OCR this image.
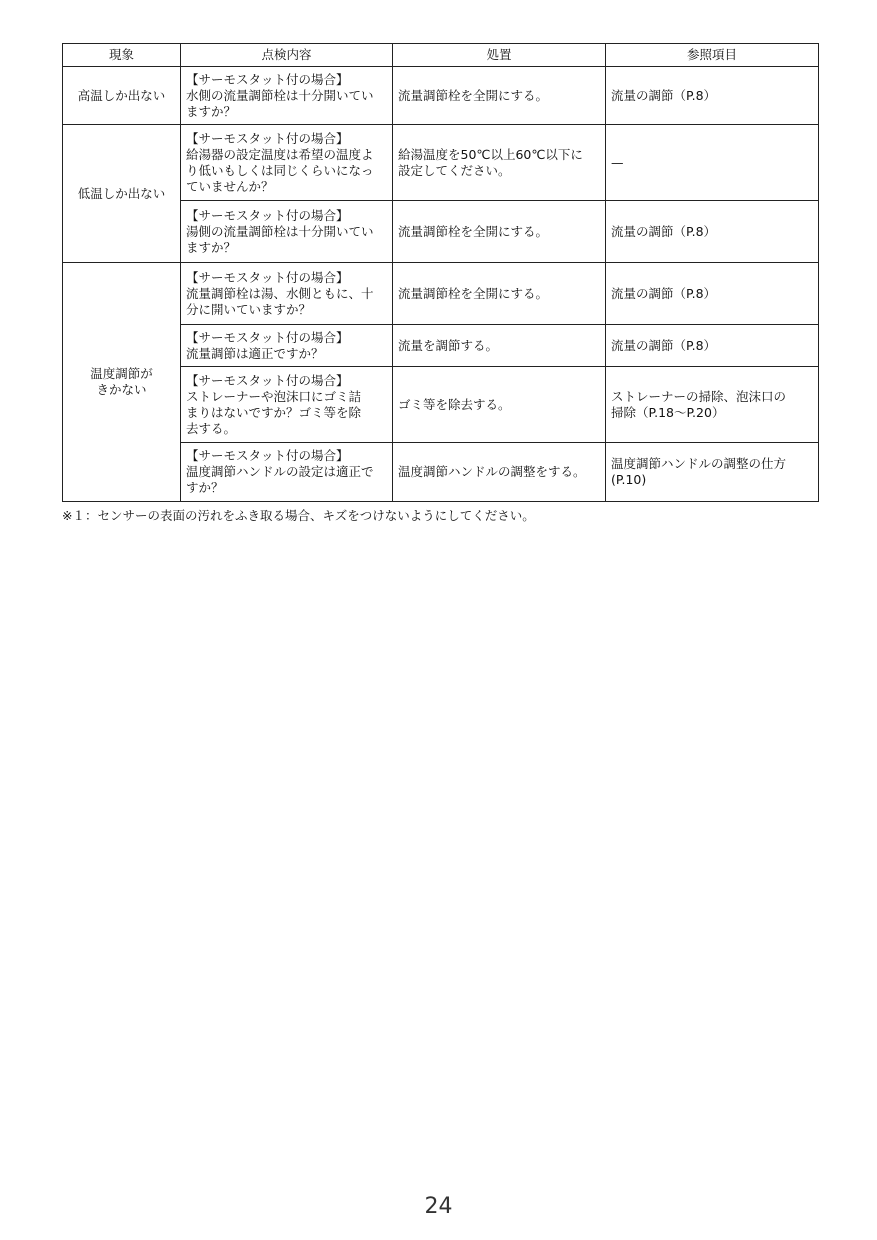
現象	点検内容	処置	参照項目
高温しか出ない	【サーモスタット付の場合】
水側の流量調節栓は十分開いてい
ますか？	流量調節栓を全開にする。	流量の調節（P.8）
低温しか出ない	【サーモスタット付の場合】
給湯器の設定温度は希望の温度よ
り低いもしくは同じくらいになっ
ていませんか？	給湯温度を50℃以上60℃以下に
設定してください。	—

	【サーモスタット付の場合】
湯側の流量調節栓は十分開いてい
ますか？	流量調節栓を全開にする。	流量の調節（P.8）

温度調節が
きかない	【サーモスタット付の場合】
流量調節栓は湯、水側ともに、十
分に開いていますか？	流量調節栓を全開にする。	流量の調節（P.8）

	【サーモスタット付の場合】
流量調節は適正ですか？	流量を調節する。	流量の調節（P.8）

	【サーモスタット付の場合】
ストレーナーや泡沫口にゴミ詰
まりはないですか？ゴミ等を除
去する。	ゴミ等を除去する。	ストレーナーの掃除、泡沫口の
掃除（P.18〜P.20）

	【サーモスタット付の場合】
温度調節ハンドルの設定は適正で
すか？	温度調節ハンドルの調整をする。	温度調節ハンドルの調整の仕方
(P.10)
※１：センサーの表面の汚れをふき取る場合、キズをつけないようにしてください。
24
